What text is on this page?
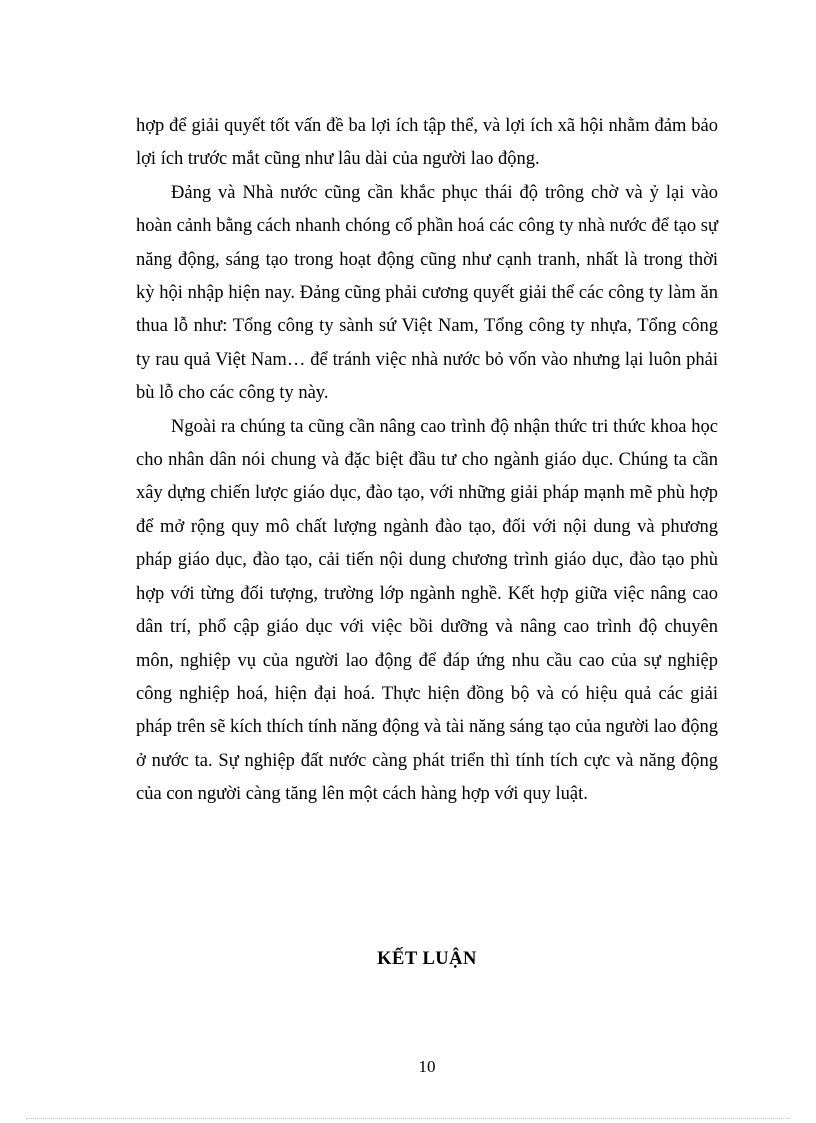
hợp để giải quyết tốt vấn đề ba lợi ích tập thể, và lợi ích xã hội nhằm đảm bảo lợi ích trước mắt cũng như lâu dài của người lao động.

Đảng và Nhà nước cũng cần khắc phục thái độ trông chờ và ỷ lại vào hoàn cảnh bằng cách nhanh chóng cổ phần hoá các công ty nhà nước để tạo sự năng động, sáng tạo trong hoạt động cũng như cạnh tranh, nhất là trong thời kỳ hội nhập hiện nay. Đảng cũng phải cương quyết giải thể các công ty làm ăn thua lỗ như: Tổng công ty sành sứ Việt Nam, Tổng công ty nhựa, Tổng công ty rau quả Việt Nam… để tránh việc nhà nước bỏ vốn vào nhưng lại luôn phải bù lỗ cho các công ty này.

Ngoài ra chúng ta cũng cần nâng cao trình độ nhận thức tri thức khoa học cho nhân dân nói chung và đặc biệt đầu tư cho ngành giáo dục. Chúng ta cần xây dựng chiến lược giáo dục, đào tạo, với những giải pháp mạnh mẽ phù hợp để mở rộng quy mô chất lượng ngành đào tạo, đối với nội dung và phương pháp giáo dục, đào tạo, cải tiến nội dung chương trình giáo dục, đào tạo phù hợp với từng đối tượng, trường lớp ngành nghề. Kết hợp giữa việc nâng cao dân trí, phổ cập giáo dục với việc bồi dưỡng và nâng cao trình độ chuyên môn, nghiệp vụ của người lao động để đáp ứng nhu cầu cao của sự nghiệp công nghiệp hoá, hiện đại hoá. Thực hiện đồng bộ và có hiệu quả các giải pháp trên sẽ kích thích tính năng động và tài năng sáng tạo của người lao động ở nước ta. Sự nghiệp đất nước càng phát triển thì tính tích cực và năng động của con người càng tăng lên một cách hàng hợp với quy luật.

KẾT LUẬN
10
